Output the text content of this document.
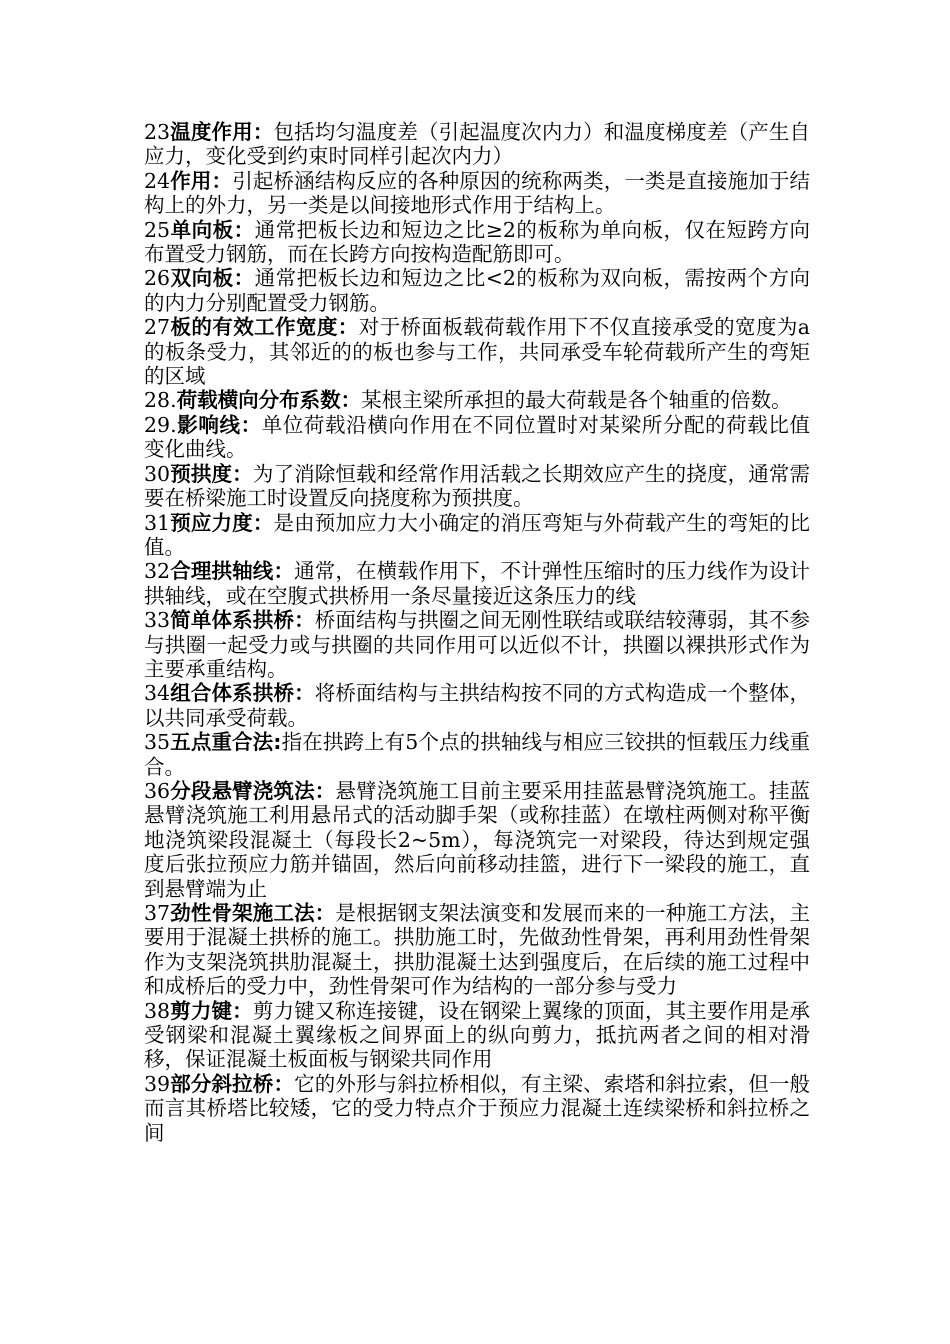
23温度作用：包括均匀温度差（引起温度次内力）和温度梯度差（产生自应力，变化受到约束时同样引起次内力）

24作用：引起桥涵结构反应的各种原因的统称两类，一类是直接施加于结构上的外力，另一类是以间接地形式作用于结构上。

25单向板：通常把板长边和短边之比≥2的板称为单向板，仅在短跨方向布置受力钢筋，而在长跨方向按构造配筋即可。

26双向板：通常把板长边和短边之比<2的板称为双向板，需按两个方向的内力分别配置受力钢筋。

27板的有效工作宽度：对于桥面板载荷载作用下不仅直接承受的宽度为a的板条受力，其邻近的的板也参与工作，共同承受车轮荷载所产生的弯矩的区域

28.荷载横向分布系数：某根主梁所承担的最大荷载是各个轴重的倍数。

29.影响线：单位荷载沿横向作用在不同位置时对某梁所分配的荷载比值变化曲线。

30预拱度：为了消除恒载和经常作用活载之长期效应产生的挠度，通常需要在桥梁施工时设置反向挠度称为预拱度。

31预应力度：是由预加应力大小确定的消压弯矩与外荷载产生的弯矩的比值。

32合理拱轴线：通常，在横载作用下，不计弹性压缩时的压力线作为设计拱轴线，或在空腹式拱桥用一条尽量接近这条压力的线

33简单体系拱桥：桥面结构与拱圈之间无刚性联结或联结较薄弱，其不参与拱圈一起受力或与拱圈的共同作用可以近似不计，拱圈以裸拱形式作为主要承重结构。

34组合体系拱桥：将桥面结构与主拱结构按不同的方式构造成一个整体，以共同承受荷载。

35五点重合法:指在拱跨上有5个点的拱轴线与相应三铰拱的恒载压力线重合。

36分段悬臂浇筑法：悬臂浇筑施工目前主要采用挂蓝悬臂浇筑施工。挂蓝悬臂浇筑施工利用悬吊式的活动脚手架（或称挂蓝）在墩柱两侧对称平衡地浇筑梁段混凝土（每段长2~5m），每浇筑完一对梁段，待达到规定强度后张拉预应力筋并锚固，然后向前移动挂篮，进行下一梁段的施工，直到悬臂端为止

37劲性骨架施工法：是根据钢支架法演变和发展而来的一种施工方法，主要用于混凝土拱桥的施工。拱肋施工时，先做劲性骨架，再利用劲性骨架作为支架浇筑拱肋混凝土，拱肋混凝土达到强度后，在后续的施工过程中和成桥后的受力中，劲性骨架可作为结构的一部分参与受力

38剪力键：剪力键又称连接键，设在钢梁上翼缘的顶面，其主要作用是承受钢梁和混凝土翼缘板之间界面上的纵向剪力，抵抗两者之间的相对滑移，保证混凝土板面板与钢梁共同作用

39部分斜拉桥：它的外形与斜拉桥相似，有主梁、索塔和斜拉索，但一般而言其桥塔比较矮，它的受力特点介于预应力混凝土连续梁桥和斜拉桥之间
